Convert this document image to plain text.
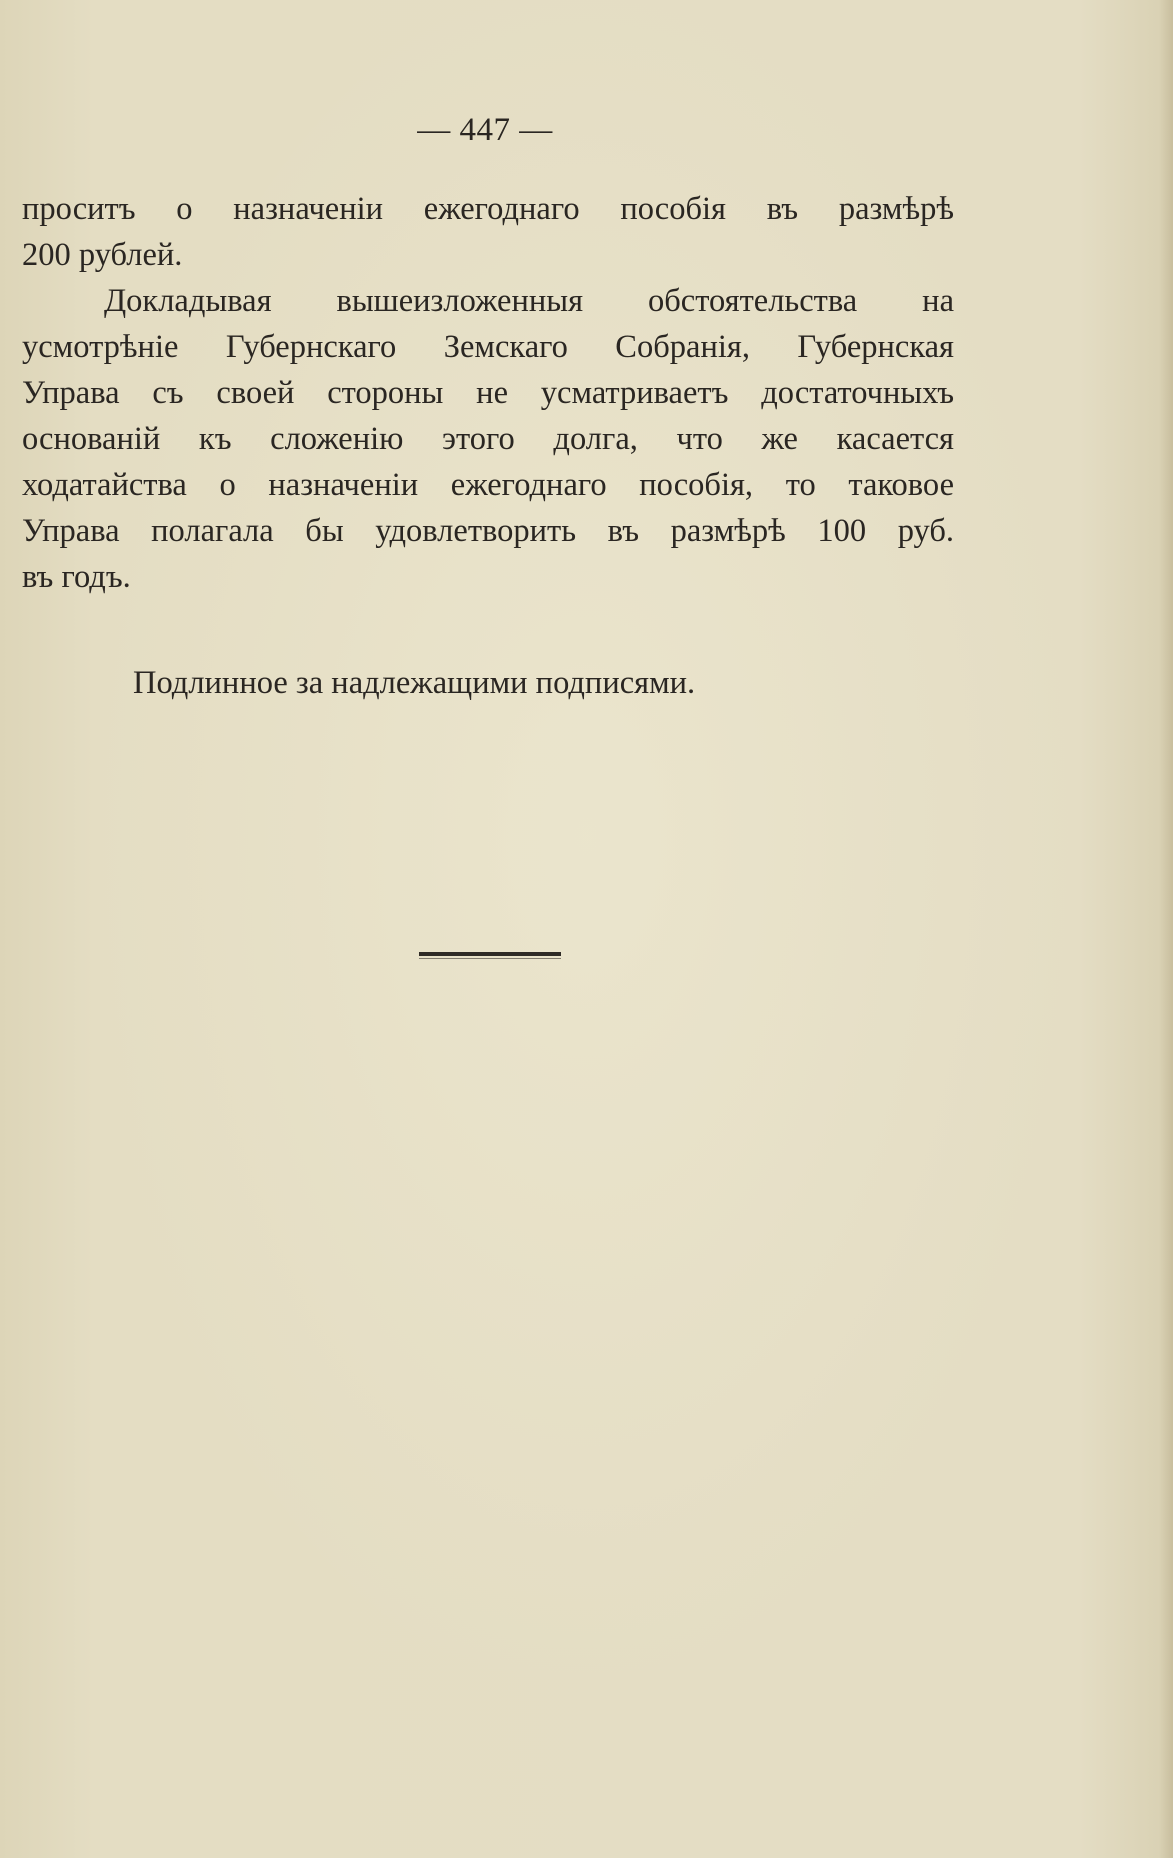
— 447 —
проситъ о назначенiи ежегоднаго пособiя въ размѣрѣ
200 рублей.
Докладывая вышеизложенныя обстоятельства на
усмотрѣнiе Губернскаго Земскаго Собранiя, Губернская
Управа съ своей стороны не усматриваетъ достаточныхъ
основанiй къ сложенiю этого долга, что же касается
ходатайства о назначенiи ежегоднаго пособiя, то таковое
Управа полагала бы удовлетворить въ размѣрѣ 100 руб.
въ годъ.
Подлинное за надлежащими подписями.
